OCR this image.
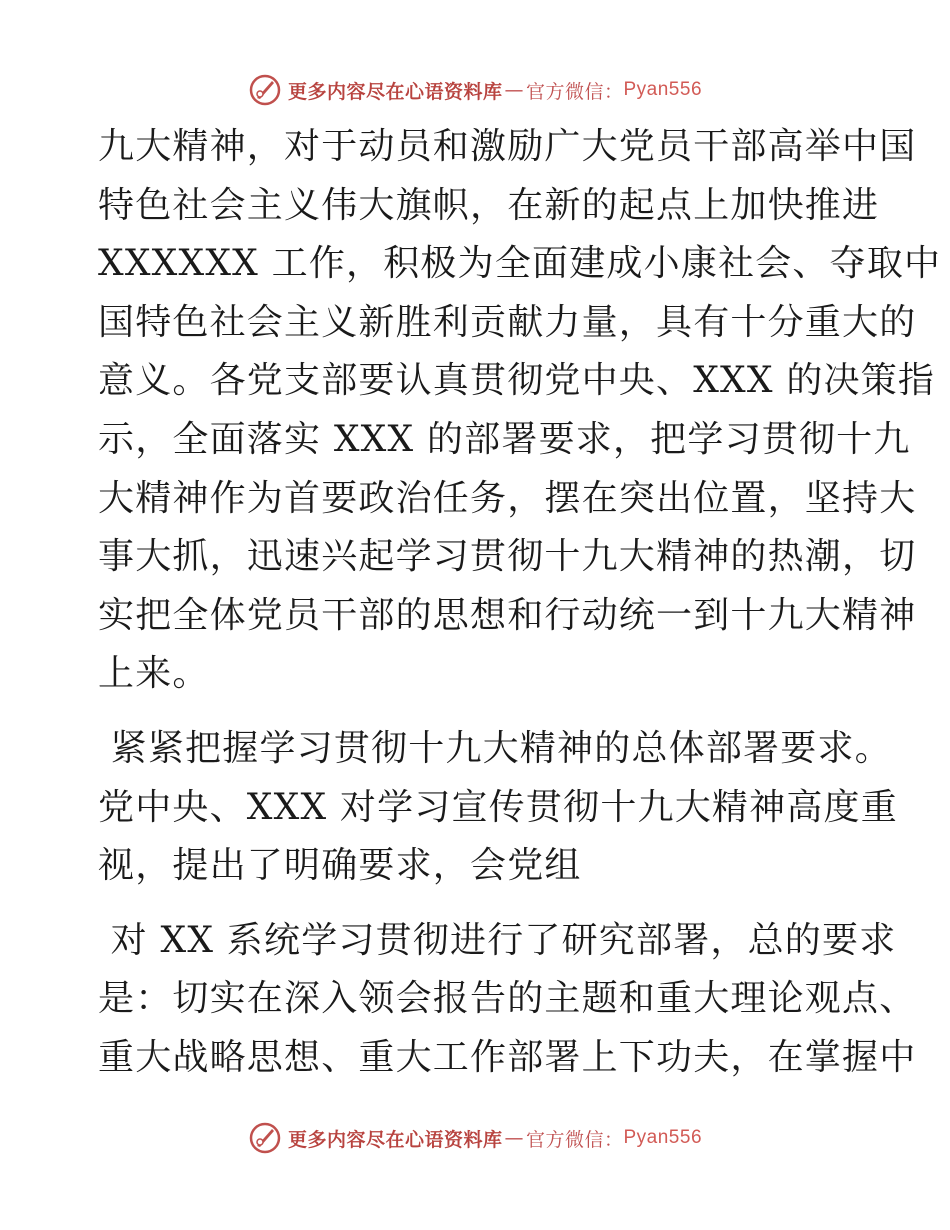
更多内容尽在心语资料库 — 官方微信： Pyan556
九大精神，对于动员和激励广大党员干部高举中国
特色社会主义伟大旗帜，在新的起点上加快推进
XXXXXX 工作，积极为全面建成小康社会、夺取中
国特色社会主义新胜利贡献力量，具有十分重大的
意义。各党支部要认真贯彻党中央、XXX 的决策指
示，全面落实 XXX 的部署要求，把学习贯彻十九
大精神作为首要政治任务，摆在突出位置，坚持大
事大抓，迅速兴起学习贯彻十九大精神的热潮，切
实把全体党员干部的思想和行动统一到十九大精神
上来。
紧紧把握学习贯彻十九大精神的总体部署要求。
党中央、XXX 对学习宣传贯彻十九大精神高度重
视，提出了明确要求，会党组
对 XX 系统学习贯彻进行了研究部署，总的要求
是：切实在深入领会报告的主题和重大理论观点、
重大战略思想、重大工作部署上下功夫，在掌握中
更多内容尽在心语资料库 — 官方微信： Pyan556
